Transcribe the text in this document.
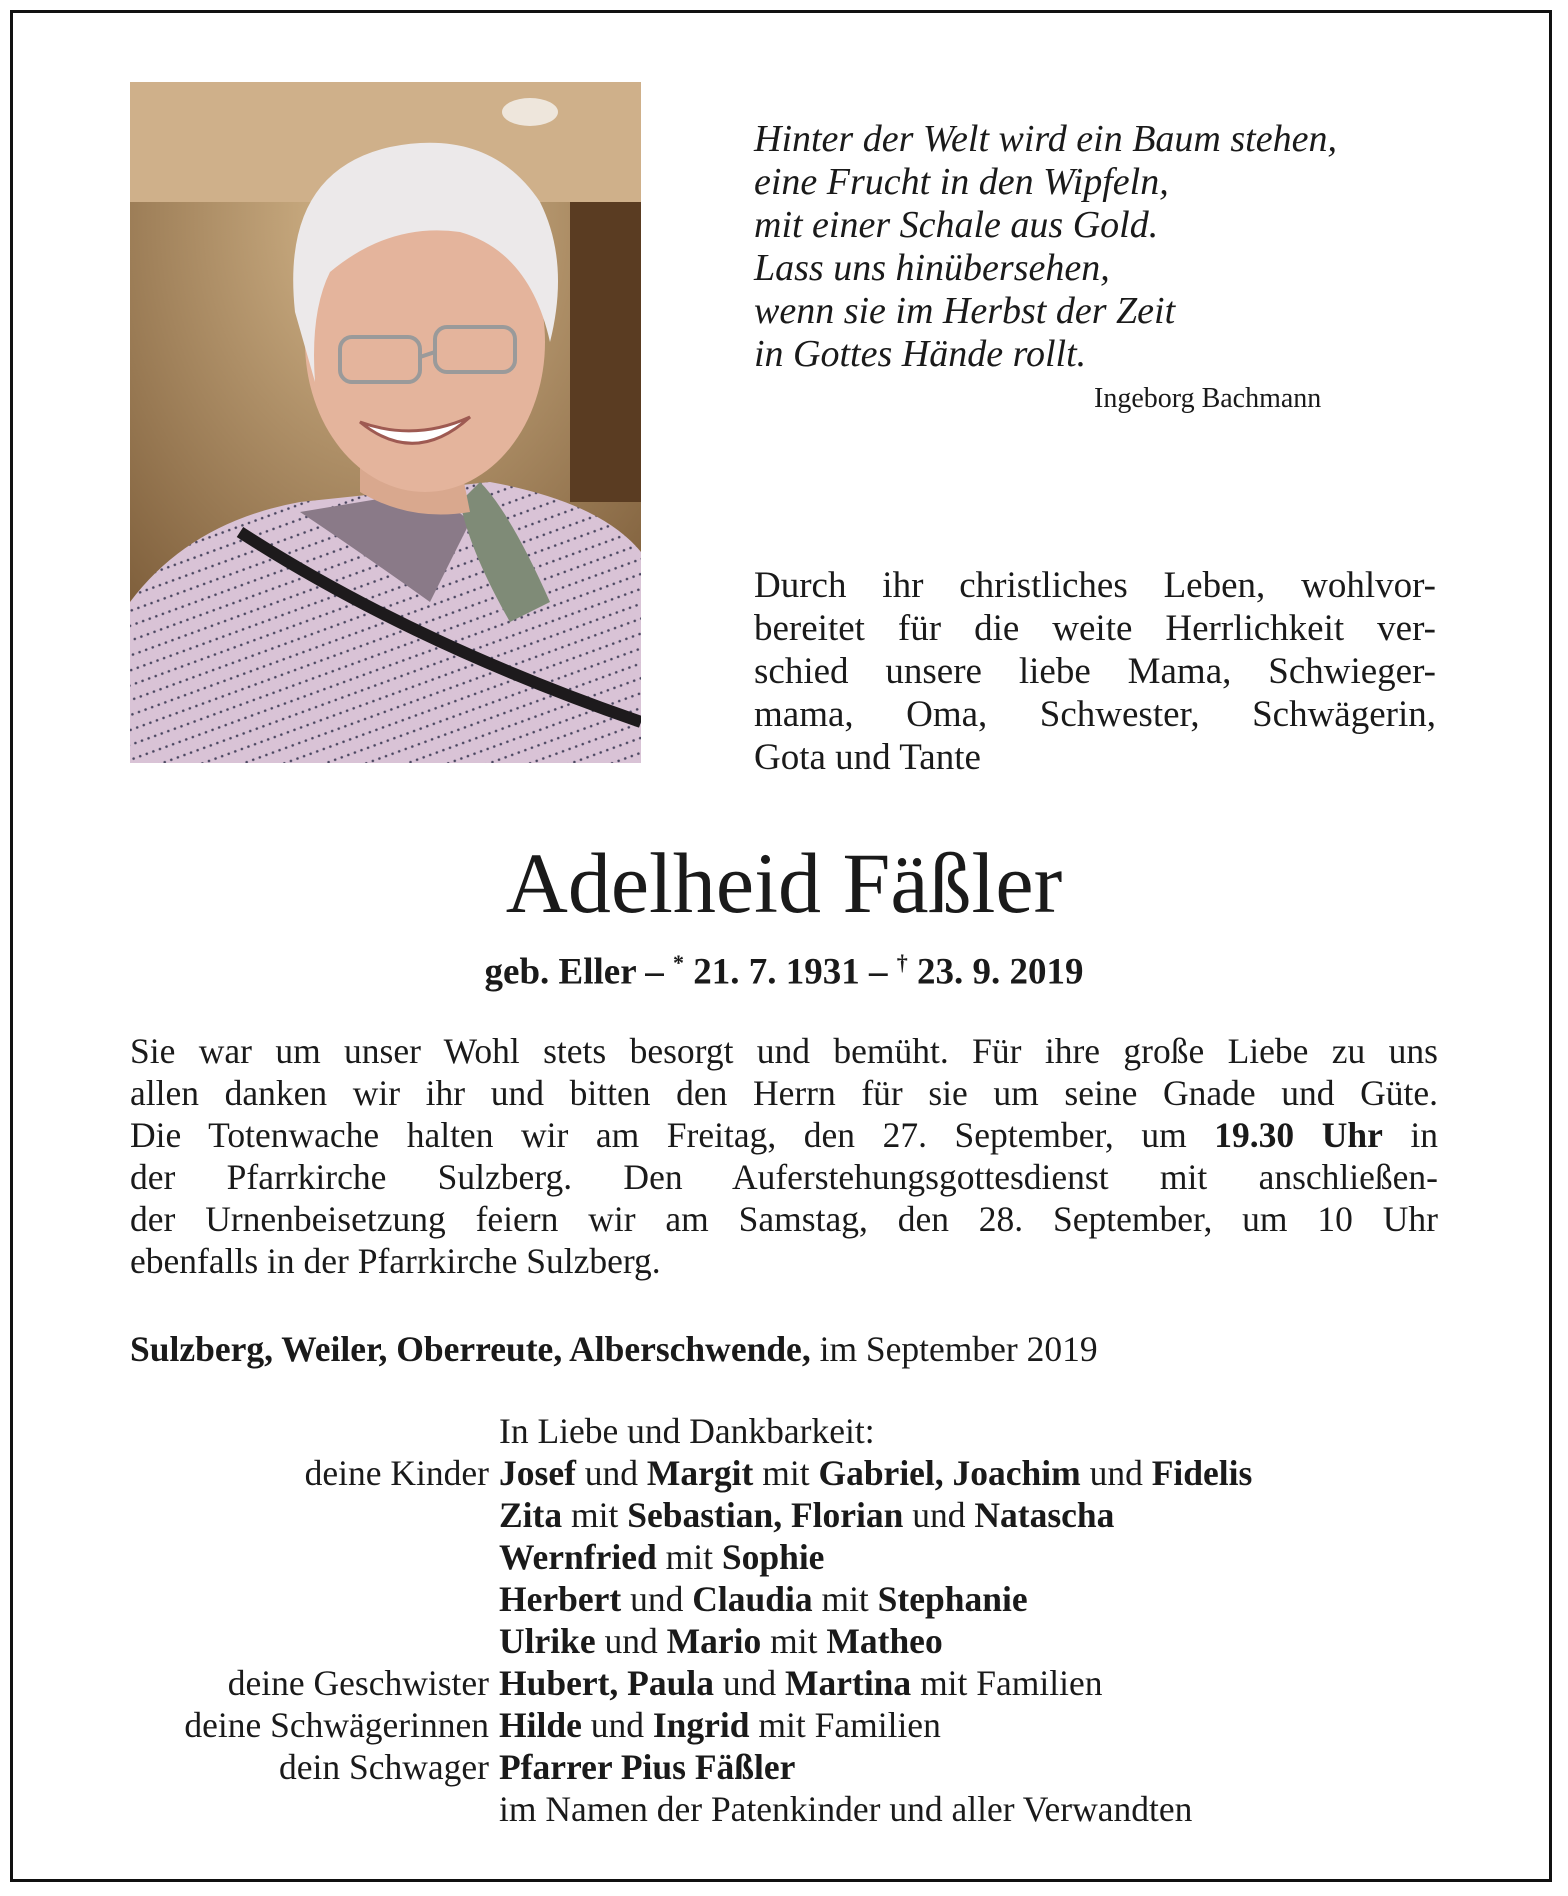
Hinter der Welt wird ein Baum stehen,
eine Frucht in den Wipfeln,
mit einer Schale aus Gold.
Lass uns hinübersehen,
wenn sie im Herbst der Zeit
in Gottes Hände rollt.
Ingeborg Bachmann
Durch ihr christliches Leben, wohlvor-
bereitet für die weite Herrlichkeit ver-
schied unsere liebe Mama, Schwieger-
mama, Oma, Schwester, Schwägerin,
Gota und Tante
Adelheid Fäßler
geb. Eller – * 21. 7. 1931 – † 23. 9. 2019
Sie war um unser Wohl stets besorgt und bemüht. Für ihre große Liebe zu uns
allen danken wir ihr und bitten den Herrn für sie um seine Gnade und Güte.
Die Totenwache halten wir am Freitag, den 27. September, um 19.30 Uhr in
der Pfarrkirche Sulzberg. Den Auferstehungsgottesdienst mit anschließen-
der Urnenbeisetzung feiern wir am Samstag, den 28. September, um 10 Uhr
ebenfalls in der Pfarrkirche Sulzberg.
Sulzberg, Weiler, Oberreute, Alberschwende, im September 2019
In Liebe und Dankbarkeit:
deine Kinder Josef und Margit mit Gabriel, Joachim und Fidelis
Zita mit Sebastian, Florian und Natascha
Wernfried mit Sophie
Herbert und Claudia mit Stephanie
Ulrike und Mario mit Matheo
deine Geschwister Hubert, Paula und Martina mit Familien
deine Schwägerinnen Hilde und Ingrid mit Familien
dein Schwager Pfarrer Pius Fäßler
im Namen der Patenkinder und aller Verwandten
